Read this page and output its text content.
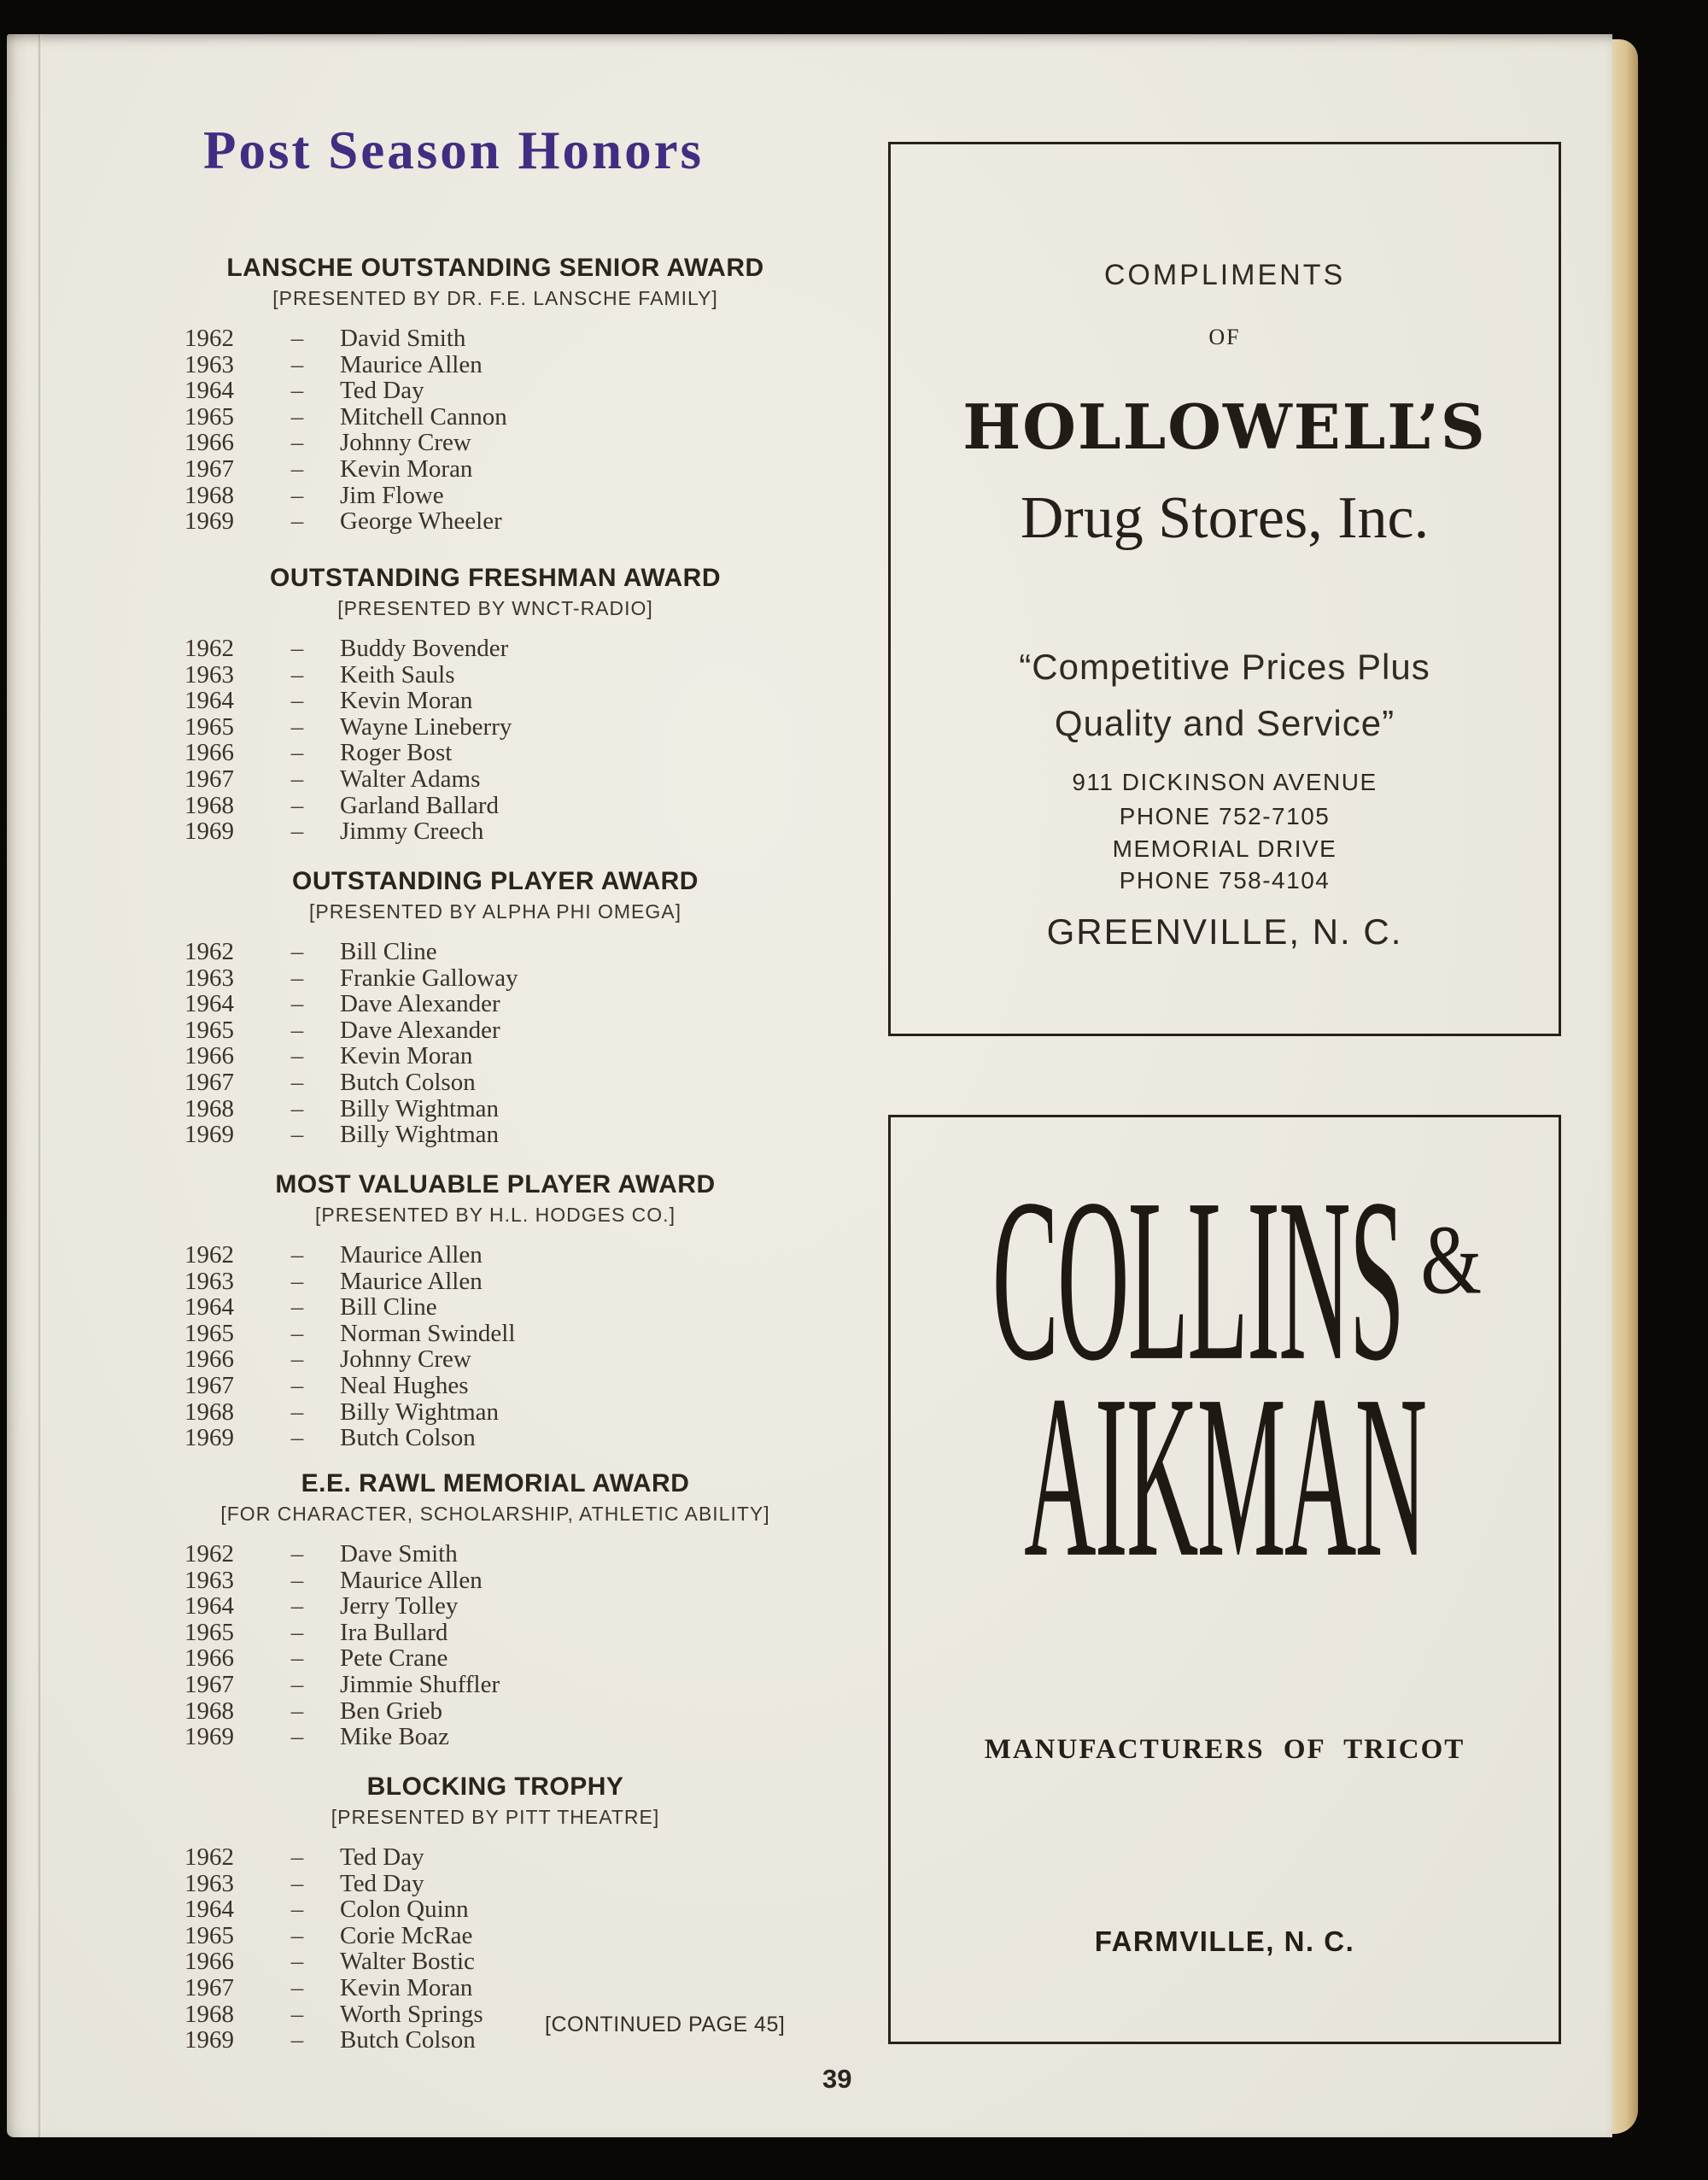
Post Season Honors
LANSCHE OUTSTANDING SENIOR AWARD
[PRESENTED BY DR. F.E. LANSCHE FAMILY]
1962	–	David Smith
1963	–	Maurice Allen
1964	–	Ted Day
1965	–	Mitchell Cannon
1966	–	Johnny Crew
1967	–	Kevin Moran
1968	–	Jim Flowe
1969	–	George Wheeler
OUTSTANDING FRESHMAN AWARD
[PRESENTED BY WNCT-RADIO]
1962	–	Buddy Bovender
1963	–	Keith Sauls
1964	–	Kevin Moran
1965	–	Wayne Lineberry
1966	–	Roger Bost
1967	–	Walter Adams
1968	–	Garland Ballard
1969	–	Jimmy Creech
OUTSTANDING PLAYER AWARD
[PRESENTED BY ALPHA PHI OMEGA]
1962	–	Bill Cline
1963	–	Frankie Galloway
1964	–	Dave Alexander
1965	–	Dave Alexander
1966	–	Kevin Moran
1967	–	Butch Colson
1968	–	Billy Wightman
1969	–	Billy Wightman
MOST VALUABLE PLAYER AWARD
[PRESENTED BY H.L. HODGES CO.]
1962	–	Maurice Allen
1963	–	Maurice Allen
1964	–	Bill Cline
1965	–	Norman Swindell
1966	–	Johnny Crew
1967	–	Neal Hughes
1968	–	Billy Wightman
1969	–	Butch Colson
E.E. RAWL MEMORIAL AWARD
[FOR CHARACTER, SCHOLARSHIP, ATHLETIC ABILITY]
1962	–	Dave Smith
1963	–	Maurice Allen
1964	–	Jerry Tolley
1965	–	Ira Bullard
1966	–	Pete Crane
1967	–	Jimmie Shuffler
1968	–	Ben Grieb
1969	–	Mike Boaz
BLOCKING TROPHY
[PRESENTED BY PITT THEATRE]
1962	–	Ted Day
1963	–	Ted Day
1964	–	Colon Quinn
1965	–	Corie McRae
1966	–	Walter Bostic
1967	–	Kevin Moran
1968	–	Worth Springs
1969	–	Butch Colson
[CONTINUED PAGE 45]
39
COMPLIMENTS
OF
HOLLOWELL’S
Drug Stores, Inc.
“Competitive Prices Plus
Quality and Service”
911 DICKINSON AVENUE
PHONE 752-7105
MEMORIAL DRIVE
PHONE 758-4104
GREENVILLE, N. C.
COLLINS &
AIKMAN
MANUFACTURERS OF TRICOT
FARMVILLE, N. C.
